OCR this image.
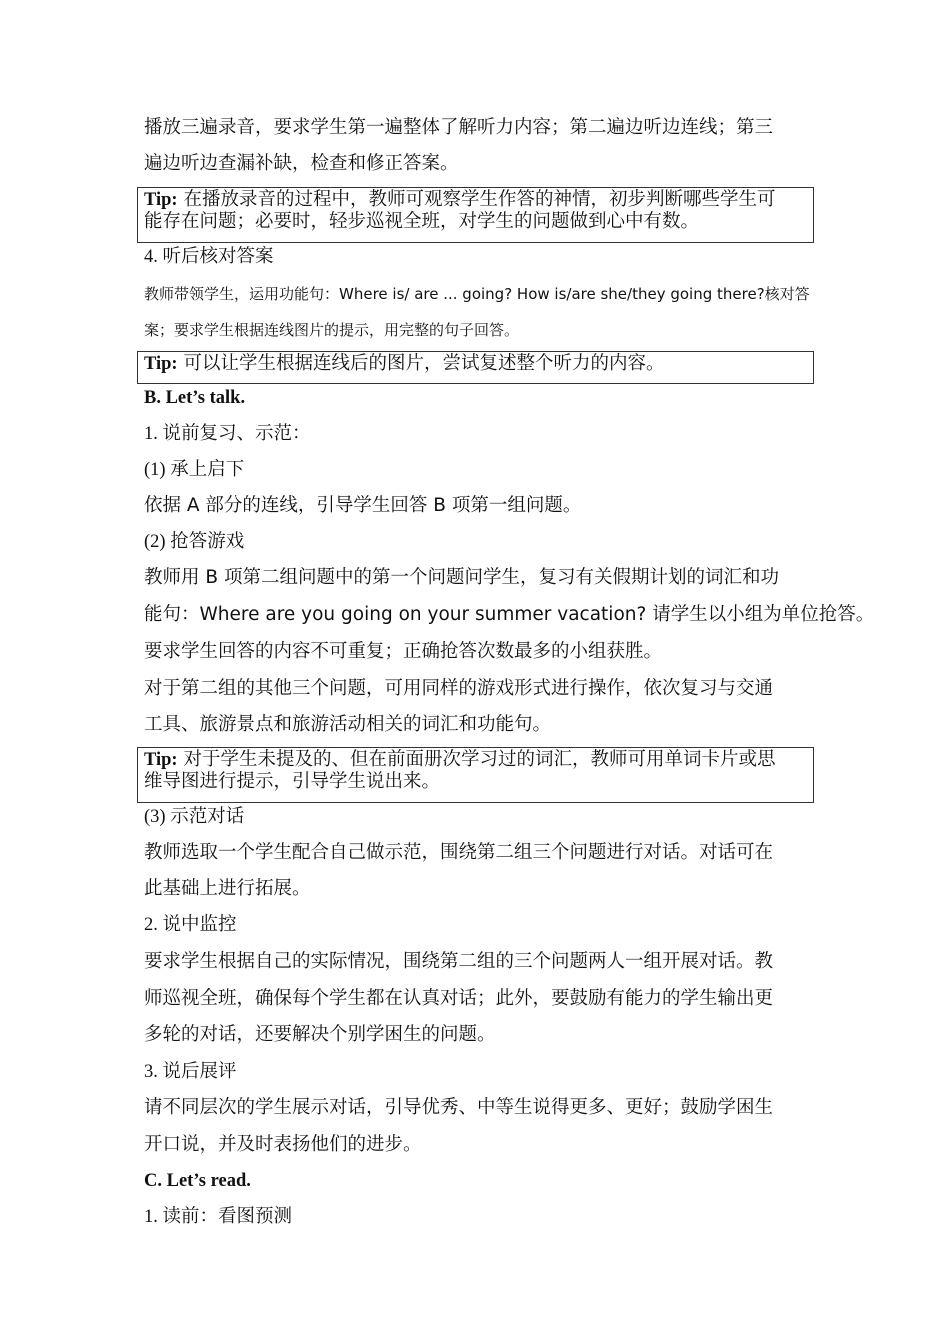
播放三遍录音，要求学生第一遍整体了解听力内容；第二遍边听边连线；第三
遍边听边查漏补缺，检查和修正答案。
Tip: 在播放录音的过程中，教师可观察学生作答的神情，初步判断哪些学生可
能存在问题；必要时，轻步巡视全班，对学生的问题做到心中有数。
4. 听后核对答案
教师带领学生，运用功能句：Where is/ are ... going? How is/are she/they going there?核对答
案；要求学生根据连线图片的提示，用完整的句子回答。
Tip: 可以让学生根据连线后的图片，尝试复述整个听力的内容。
B. Let’s talk.
1. 说前复习、示范：
(1) 承上启下
依据 A 部分的连线，引导学生回答 B 项第一组问题。
(2) 抢答游戏
教师用 B 项第二组问题中的第一个问题问学生，复习有关假期计划的词汇和功
能句：Where are you going on your summer vacation? 请学生以小组为单位抢答。
要求学生回答的内容不可重复；正确抢答次数最多的小组获胜。
对于第二组的其他三个问题，可用同样的游戏形式进行操作，依次复习与交通
工具、旅游景点和旅游活动相关的词汇和功能句。
Tip: 对于学生未提及的、但在前面册次学习过的词汇，教师可用单词卡片或思
维导图进行提示，引导学生说出来。
(3) 示范对话
教师选取一个学生配合自己做示范，围绕第二组三个问题进行对话。对话可在
此基础上进行拓展。
2. 说中监控
要求学生根据自己的实际情况，围绕第二组的三个问题两人一组开展对话。教
师巡视全班，确保每个学生都在认真对话；此外，要鼓励有能力的学生输出更
多轮的对话，还要解决个别学困生的问题。
3. 说后展评
请不同层次的学生展示对话，引导优秀、中等生说得更多、更好；鼓励学困生
开口说，并及时表扬他们的进步。
C. Let’s read.
1. 读前：看图预测
